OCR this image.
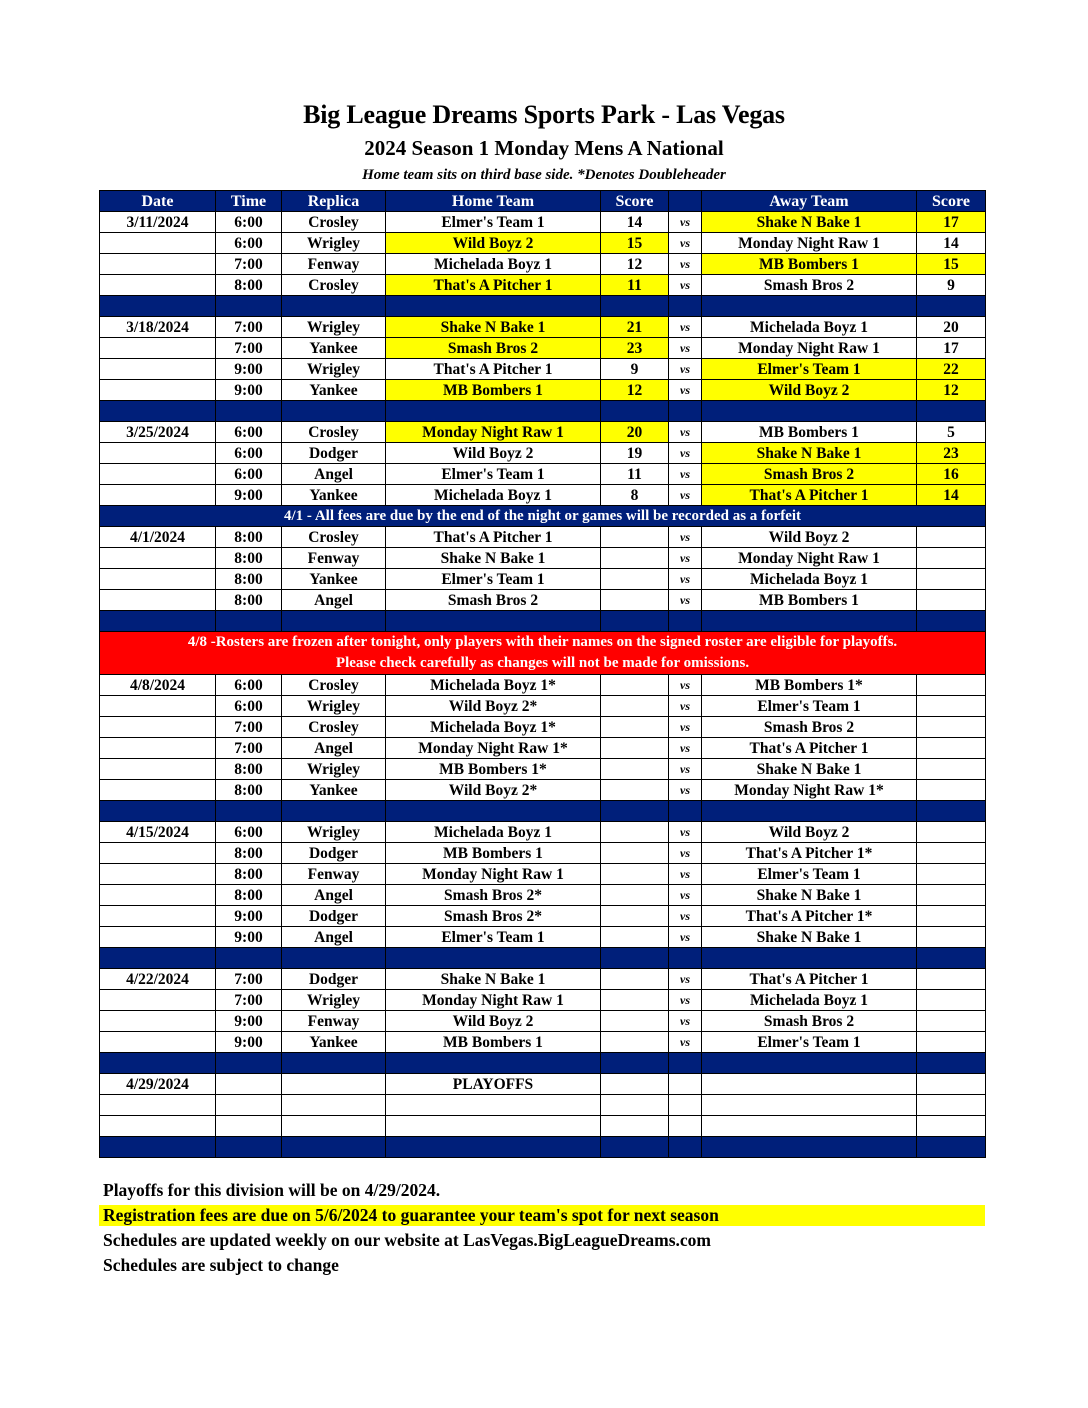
Big League Dreams Sports Park - Las Vegas
2024 Season 1 Monday Mens A National
Home team sits on third base side. *Denotes Doubleheader
Date	Time	Replica	Home Team	Score		Away Team	Score
3/11/2024	6:00	Crosley	Elmer's Team 1	14	vs	Shake N Bake 1	17
	6:00	Wrigley	Wild Boyz 2	15	vs	Monday Night Raw 1	14
	7:00	Fenway	Michelada Boyz 1	12	vs	MB Bombers 1	15
	8:00	Crosley	That's A Pitcher 1	11	vs	Smash Bros 2	9

3/18/2024	7:00	Wrigley	Shake N Bake 1	21	vs	Michelada Boyz 1	20
	7:00	Yankee	Smash Bros 2	23	vs	Monday Night Raw 1	17
	9:00	Wrigley	That's A Pitcher 1	9	vs	Elmer's Team 1	22
	9:00	Yankee	MB Bombers 1	12	vs	Wild Boyz 2	12

3/25/2024	6:00	Crosley	Monday Night Raw 1	20	vs	MB Bombers 1	5
	6:00	Dodger	Wild Boyz 2	19	vs	Shake N Bake 1	23
	6:00	Angel	Elmer's Team 1	11	vs	Smash Bros 2	16
	9:00	Yankee	Michelada Boyz 1	8	vs	That's A Pitcher 1	14
4/1 - All fees are due by the end of the night or games will be recorded as a forfeit							
4/1/2024	8:00	Crosley	That's A Pitcher 1		vs	Wild Boyz 2	
	8:00	Fenway	Shake N Bake 1		vs	Monday Night Raw 1	
	8:00	Yankee	Elmer's Team 1		vs	Michelada Boyz 1	
	8:00	Angel	Smash Bros 2		vs	MB Bombers 1	

4/8 -Rosters are frozen after tonight, only players with their names on the signed roster are eligible for playoffs.
Please check carefully as changes will not be made for omissions.							

4/8/2024	6:00	Crosley	Michelada Boyz 1*		vs	MB Bombers 1*	
	6:00	Wrigley	Wild Boyz 2*		vs	Elmer's Team 1	
	7:00	Crosley	Michelada Boyz 1*		vs	Smash Bros 2	
	7:00	Angel	Monday Night Raw 1*		vs	That's A Pitcher 1	
	8:00	Wrigley	MB Bombers 1*		vs	Shake N Bake 1	
	8:00	Yankee	Wild Boyz 2*		vs	Monday Night Raw 1*	

4/15/2024	6:00	Wrigley	Michelada Boyz 1		vs	Wild Boyz 2	
	8:00	Dodger	MB Bombers 1		vs	That's A Pitcher 1*	
	8:00	Fenway	Monday Night Raw 1		vs	Elmer's Team 1	
	8:00	Angel	Smash Bros 2*		vs	Shake N Bake 1	
	9:00	Dodger	Smash Bros 2*		vs	That's A Pitcher 1*	
	9:00	Angel	Elmer's Team 1		vs	Shake N Bake 1	

4/22/2024	7:00	Dodger	Shake N Bake 1		vs	That's A Pitcher 1	
	7:00	Wrigley	Monday Night Raw 1		vs	Michelada Boyz 1	
	9:00	Fenway	Wild Boyz 2		vs	Smash Bros 2	
	9:00	Yankee	MB Bombers 1		vs	Elmer's Team 1	

4/29/2024			PLAYOFFS				

Playoffs for this division will be on 4/29/2024.
Registration fees are due on 5/6/2024 to guarantee your team's spot for next season
Schedules are updated weekly on our website at LasVegas.BigLeagueDreams.com
Schedules are subject to change
